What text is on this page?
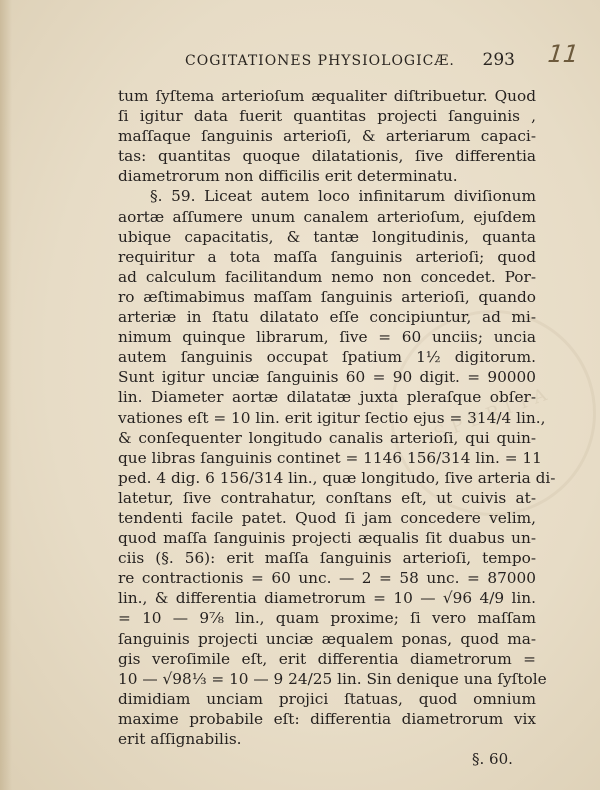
SPERITA
COGITATIONES PHYSIOLOGICÆ. 293 11
tum ſyſtema arterioſum æqualiter diſtribuetur. Quod
ſi igitur data fuerit quantitas projecti ſanguinis ,
maſſaque ſanguinis arterioſi, & arteriarum capaci-
tas: quantitas quoque dilatationis, ſive differentia
diametrorum non difficilis erit determinatu.
§. 59. Liceat autem loco infinitarum diviſionum
aortæ aſſumere unum canalem arterioſum, ejuſdem
ubique capacitatis, & tantæ longitudinis, quanta
requiritur a tota maſſa ſanguinis arterioſi; quod
ad calculum facilitandum nemo non concedet. Por-
ro æſtimabimus maſſam ſanguinis arterioſi, quando
arteriæ in ſtatu dilatato eſſe concipiuntur, ad mi-
nimum quinque librarum, ſive = 60 unciis; uncia
autem ſanguinis occupat ſpatium 1½ digitorum.
Sunt igitur unciæ ſanguinis 60 = 90 digit. = 90000
lin. Diameter aortæ dilatatæ juxta pleraſque obſer-
vationes eſt = 10 lin. erit igitur ſectio ejus = 314/4 lin.,
& conſequenter longitudo canalis arterioſi, qui quin-
que libras ſanguinis continet = 1146 156/314 lin. = 11
ped. 4 dig. 6 156/314 lin., quæ longitudo, ſive arteria di-
latetur, ſive contrahatur, conſtans eſt, ut cuivis at-
tendenti facile patet. Quod ſi jam concedere velim,
quod maſſa ſanguinis projecti æqualis ſit duabus un-
ciis (§. 56): erit maſſa ſanguinis arterioſi, tempo-
re contractionis = 60 unc. — 2 = 58 unc. = 87000
lin., & differentia diametrorum = 10 — √96 4/9 lin.
= 10 — 9⅞ lin., quam proxime; ſi vero maſſam
ſanguinis projecti unciæ æqualem ponas, quod ma-
gis veroſimile eſt, erit differentia diametrorum =
10 — √98⅓ = 10 — 9 24/25 lin. Sin denique una ſyſtole
dimidiam unciam projici ſtatuas, quod omnium
maxime probabile eſt: differentia diametrorum vix
erit aſſignabilis.
§. 60.
